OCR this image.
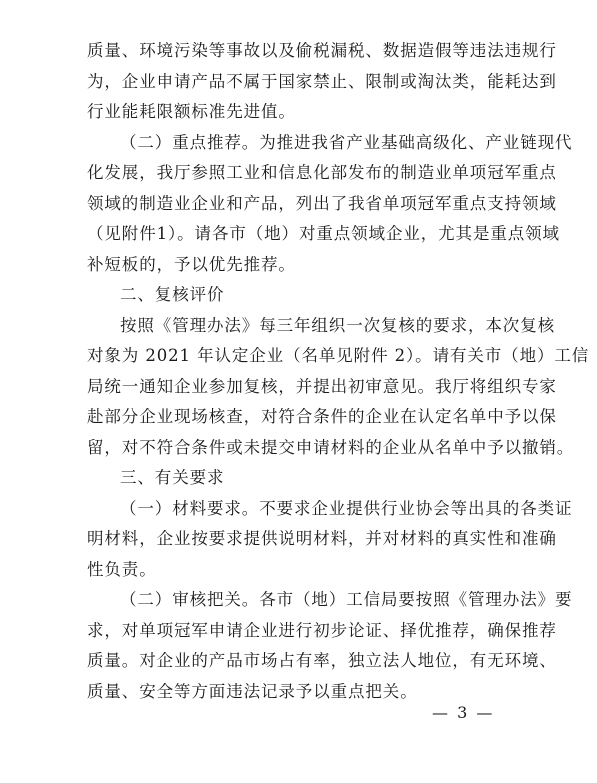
质量、环境污染等事故以及偷税漏税、数据造假等违法违规行
为，企业申请产品不属于国家禁止、限制或淘汰类，能耗达到
行业能耗限额标准先进值。
（二）重点推荐。为推进我省产业基础高级化、产业链现代
化发展，我厅参照工业和信息化部发布的制造业单项冠军重点
领域的制造业企业和产品，列出了我省单项冠军重点支持领域
（见附件1）。请各市（地）对重点领域企业，尤其是重点领域
补短板的，予以优先推荐。
二、复核评价
按照《管理办法》每三年组织一次复核的要求，本次复核
对象为 2021 年认定企业（名单见附件 2）。请有关市（地）工信
局统一通知企业参加复核，并提出初审意见。我厅将组织专家
赴部分企业现场核查，对符合条件的企业在认定名单中予以保
留，对不符合条件或未提交申请材料的企业从名单中予以撤销。
三、有关要求
（一）材料要求。不要求企业提供行业协会等出具的各类证
明材料，企业按要求提供说明材料，并对材料的真实性和准确
性负责。
（二）审核把关。各市（地）工信局要按照《管理办法》要
求，对单项冠军申请企业进行初步论证、择优推荐，确保推荐
质量。对企业的产品市场占有率，独立法人地位，有无环境、
质量、安全等方面违法记录予以重点把关。
— 3 —
